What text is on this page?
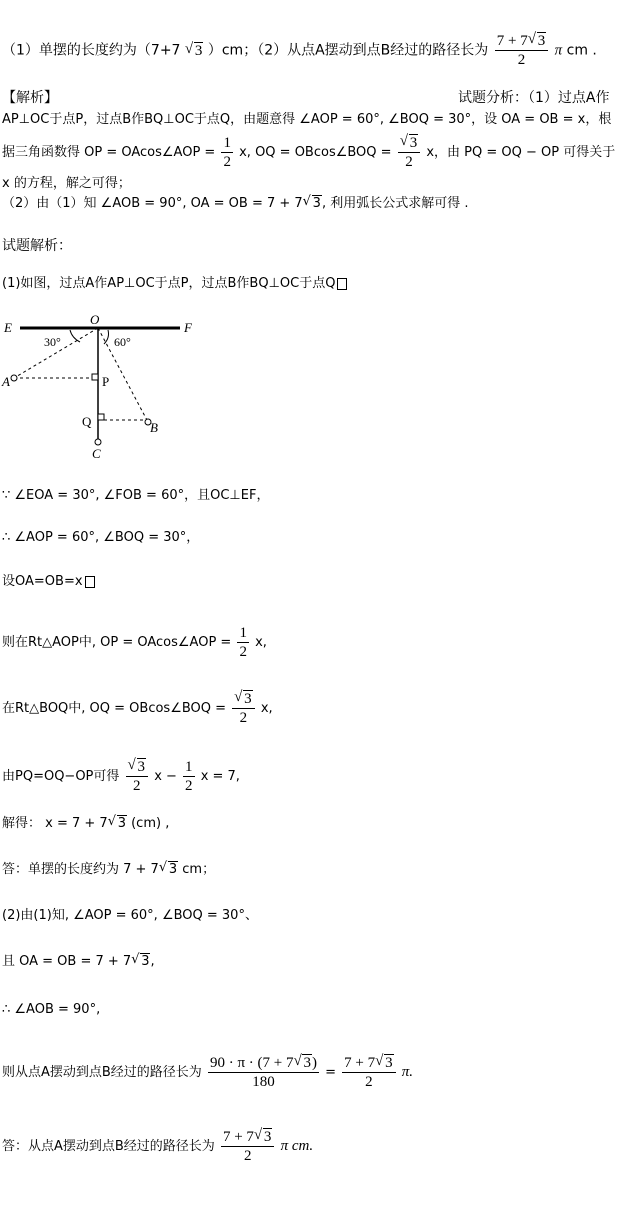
（1）单摆的长度约为（7+7 √ 3 ）cm；（2）从点A摆动到点B经过的路径长为 $\frac{7 + 7 √ 3}{2}$ π cm .
【解析】	试题分析：（1）过点A作
AP⊥OC于点P，过点B作BQ⊥OC于点Q，由题意得 ∠AOP = 60°, ∠BOQ = 30°，设 OA = OB = x，根
据三角函数得 OP = OAcos∠AOP = $\frac{1}{2} x$, OQ = OBcos∠BOQ = √ $\frac{3}{2}$ x，由 PQ = OQ − OP 可得关于
x 的方程，解之可得；
（2）由（1）知 ∠AOB = 90°, OA = OB = 7 + 7 √ 3, 利用弧长公式求解可得 .
试题解析：
(1)如图，过点A作AP⊥OC于点P，过点B作BQ⊥OC于点Q
E
O
F
30°	60°
A	P
Q	B
C
∵ ∠EOA = 30°, ∠FOB = 60°，且OC⊥EF，
∴ ∠AOP = 60°, ∠BOQ = 30°，
设OA=OB=x
则在Rt△AOP中, OP = OAcos∠AOP = $\frac{1}{2} x$,
在Rt△BOQ中, OQ = OBcos∠BOQ = √ $\frac{3}{2} x$,
由PQ=OQ−OP可得 √ $\frac{3}{2}$ $x - \frac{1}{2}$ x = 7,
解得： x = 7 + 7 √ 3 (cm) ,
答：单摆的长度约为 7 + 7 √ 3 cm；
(2)由(1)知, ∠AOP = 60°, ∠BOQ = 30°、
且 OA = OB = 7 + 7 √ 3,
∴ ∠AOB = 90°,
则从点A摆动到点B经过的路径长为 $\frac{90 \cdot \pi \cdot (7 + 7 √ 3)}{180} = \frac{7 + 7 √ 3}{2} \pi$.
答：从点A摆动到点B经过的路径长为 $\frac{7 + 7 √ 3}{2}$ π cm.
